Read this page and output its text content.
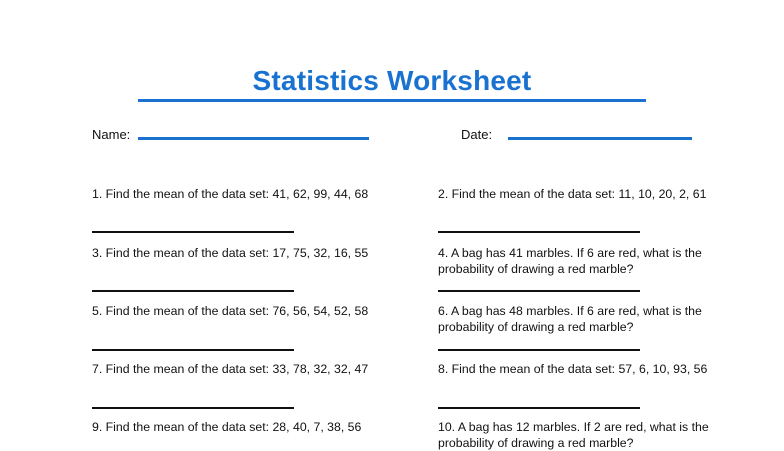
Statistics Worksheet
Name:	Date:
1. Find the mean of the data set: 41, 62, 99, 44, 68	2. Find the mean of the data set: 11, 10, 20, 2, 61
3. Find the mean of the data set: 17, 75, 32, 16, 55	4. A bag has 41 marbles. If 6 are red, what is the probability of drawing a red marble?
5. Find the mean of the data set: 76, 56, 54, 52, 58	6. A bag has 48 marbles. If 6 are red, what is the probability of drawing a red marble?
7. Find the mean of the data set: 33, 78, 32, 32, 47	8. Find the mean of the data set: 57, 6, 10, 93, 56
9. Find the mean of the data set: 28, 40, 7, 38, 56	10. A bag has 12 marbles. If 2 are red, what is the probability of drawing a red marble?
